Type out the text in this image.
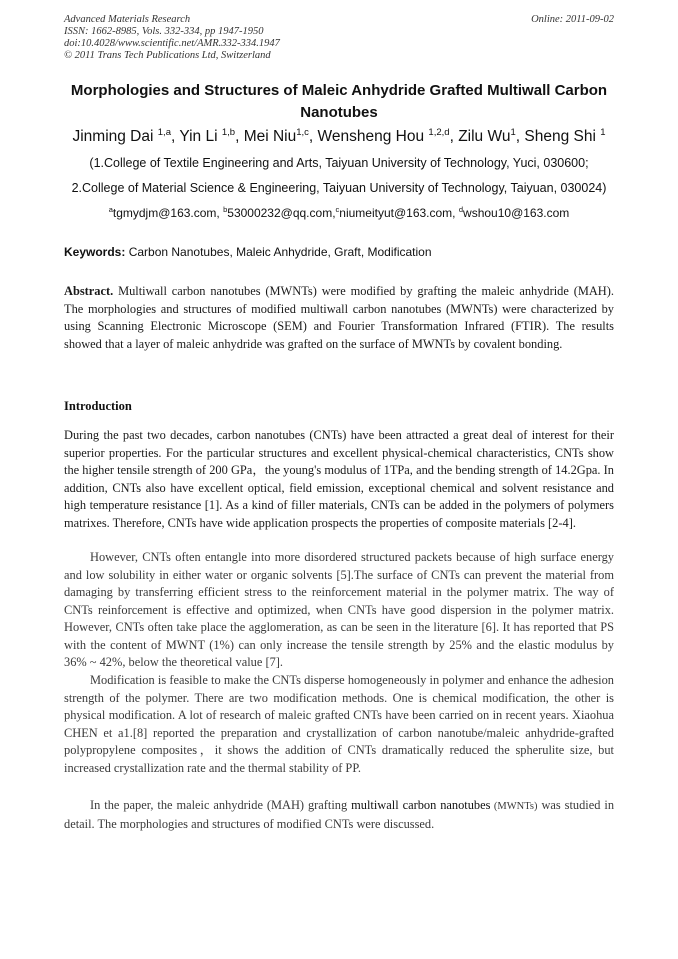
Advanced Materials Research
ISSN: 1662-8985, Vols. 332-334, pp 1947-1950
doi:10.4028/www.scientific.net/AMR.332-334.1947
© 2011 Trans Tech Publications Ltd, Switzerland
Online: 2011-09-02
Morphologies and Structures of Maleic Anhydride Grafted Multiwall Carbon Nanotubes
Jinming Dai $^{1,a}$, Yin Li $^{1,b}$, Mei Niu$^{1,c}$, Wensheng Hou $^{1,2,d}$, Zilu Wu$^1$, Sheng Shi $^1$
(1.College of Textile Engineering and Arts, Taiyuan University of Technology, Yuci, 030600;
2.College of Material Science & Engineering, Taiyuan University of Technology, Taiyuan, 030024)
$^a$tgmydjm@163.com, $^b$53000232@qq.com,$^c$niumeityut@163.com, $^d$wshou10@163.com
Keywords: Carbon Nanotubes, Maleic Anhydride, Graft, Modification

Abstract. Multiwall carbon nanotubes (MWNTs) were modified by grafting the maleic anhydride (MAH). The morphologies and structures of modified multiwall carbon nanotubes (MWNTs) were characterized by using Scanning Electronic Microscope (SEM) and Fourier Transformation Infrared (FTIR). The results showed that a layer of maleic anhydride was grafted on the surface of MWNTs by covalent bonding.

Introduction

During the past two decades, carbon nanotubes (CNTs) have been attracted a great deal of interest for their superior properties. For the particular structures and excellent physical-chemical characteristics, CNTs show the higher tensile strength of 200 GPa，the young's modulus of 1TPa, and the bending strength of 14.2Gpa. In addition, CNTs also have excellent optical, field emission, exceptional chemical and solvent resistance and high temperature resistance [1]. As a kind of filler materials, CNTs can be added in the polymers of polymers matrixes. Therefore, CNTs have wide application prospects the properties of composite materials [2-4].

However, CNTs often entangle into more disordered structured packets because of high surface energy and low solubility in either water or organic solvents [5].The surface of CNTs can prevent the material from damaging by transferring efficient stress to the reinforcement material in the polymer matrix. The way of CNTs reinforcement is effective and optimized, when CNTs have good dispersion in the polymer matrix. However, CNTs often take place the agglomeration, as can be seen in the literature [6]. It has reported that PS with the content of MWNT (1%) can only increase the tensile strength by 25% and the elastic modulus by 36% ~ 42%, below the theoretical value [7].

Modification is feasible to make the CNTs disperse homogeneously in polymer and enhance the adhesion strength of the polymer. There are two modification methods. One is chemical modification, the other is physical modification. A lot of research of maleic grafted CNTs have been carried on in recent years. Xiaohua CHEN et a1.[8] reported the preparation and crystallization of carbon nanotube/maleic anhydride-grafted polypropylene composites，it shows the addition of CNTs dramatically reduced the spherulite size, but increased crystallization rate and the thermal stability of PP.

In the paper, the maleic anhydride (MAH) grafting multiwall carbon nanotubes (MWNTs) was studied in detail. The morphologies and structures of modified CNTs were discussed.
